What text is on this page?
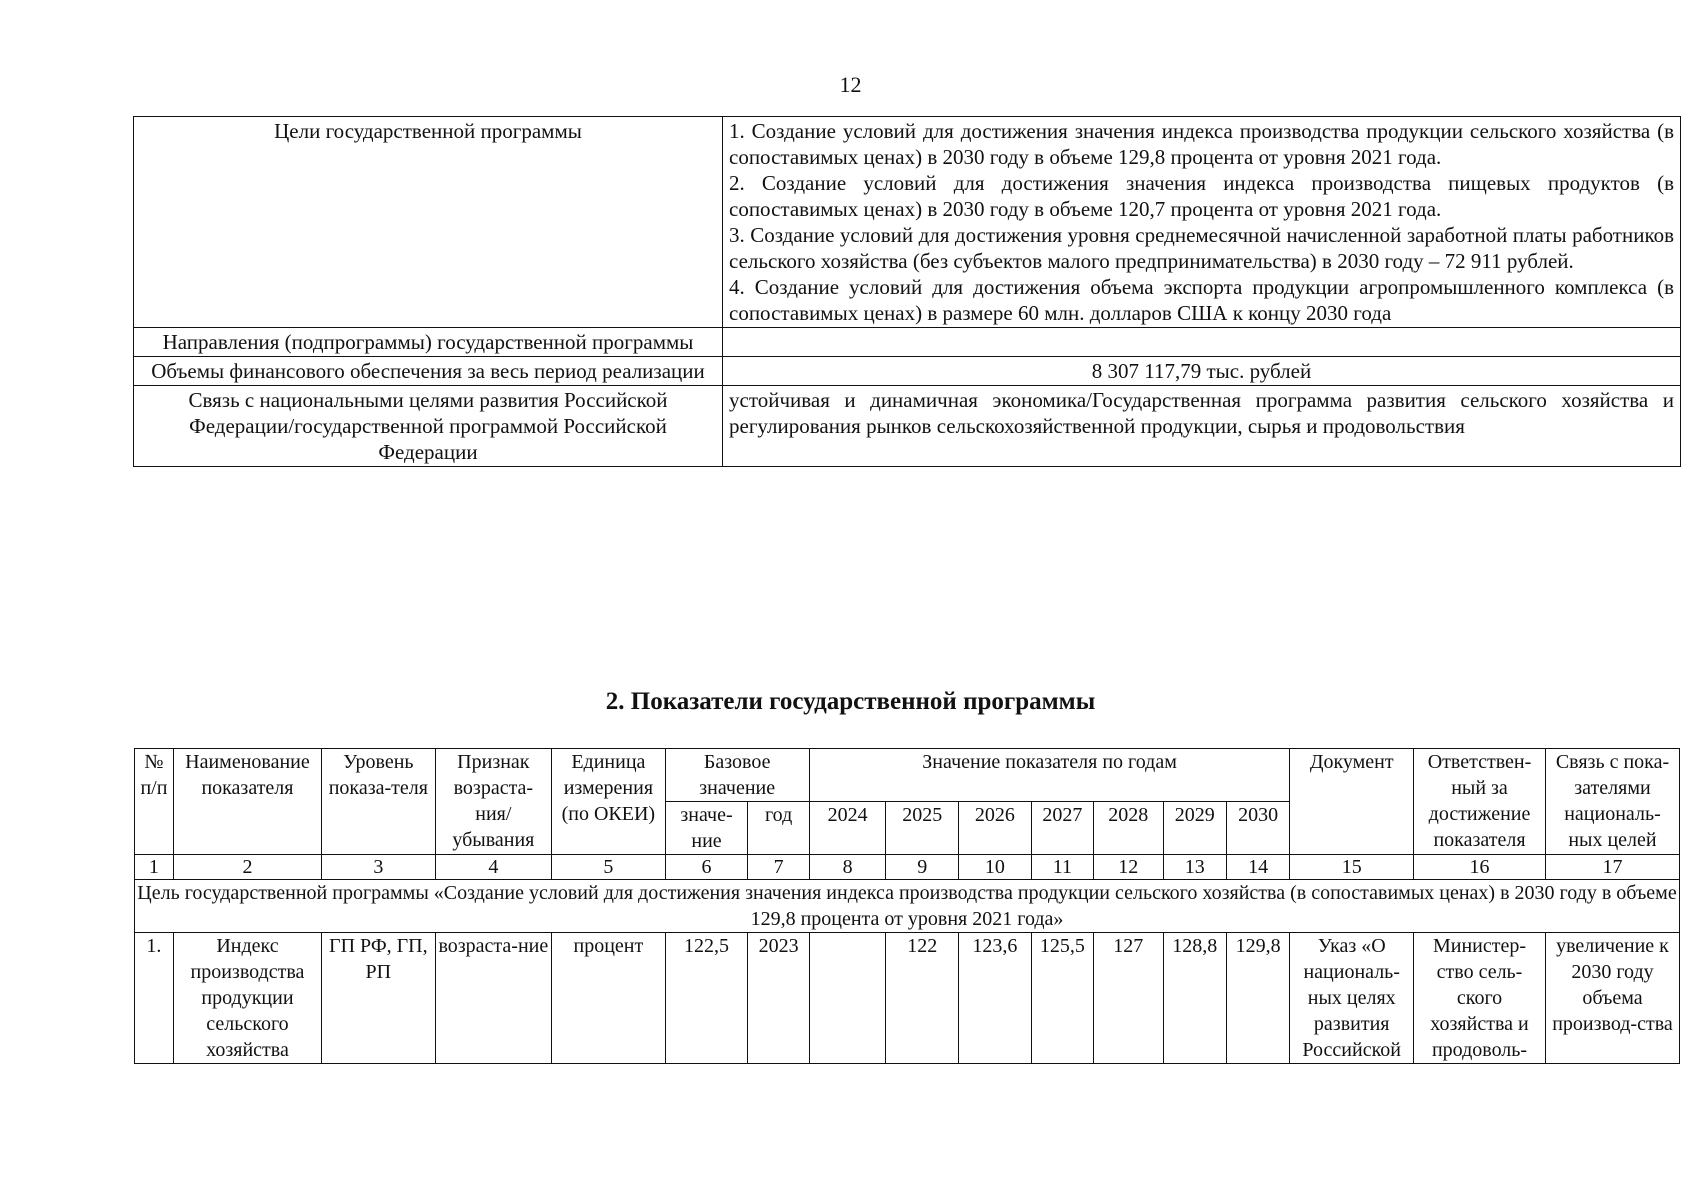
12
Цели государственной программы	1. Создание условий для достижения значения индекса производства продукции сельского хозяйства (в сопоставимых ценах) в 2030 году в объеме 129,8 процента от уровня 2021 года.
2. Создание условий для достижения значения индекса производства пищевых продуктов (в сопоставимых ценах) в 2030 году в объеме 120,7 процента от уровня 2021 года.
3. Создание условий для достижения уровня среднемесячной начисленной заработной платы работников сельского хозяйства (без субъектов малого предпринимательства) в 2030 году – 72 911 рублей.
4. Создание условий для достижения объема экспорта продукции агропромышленного комплекса (в сопоставимых ценах) в размере 60 млн. долларов США к концу 2030 года

Направления (подпрограммы) государственной программы	
Объемы финансового обеспечения за весь период реализации	8 307 117,79 тыс. рублей
Связь с национальными целями развития Российской Федерации/государственной программой Российской Федерации	устойчивая и динамичная экономика/Государственная программа развития сельского хозяйства и регулирования рынков сельскохозяйственной продукции, сырья и продовольствия
2. Показатели государственной программы
№ п/п	Наименование показателя	Уровень показа-теля	Признак возраста-ния/ убывания	Единица измерения (по ОКЕИ)	Базовое значение		Значение показателя по годам							Документ	Ответствен-ный за достижение показателя	Связь с пока-зателями националь-ных целей
					значе-ние	год	2024	2025	2026	2027	2028	2029	2030			
1	2	3	4	5	6	7	8	9	10	11	12	13	14	15	16	17
Цель государственной программы «Создание условий для достижения значения индекса производства продукции сельского хозяйства (в сопоставимых ценах) в 2030 году в объеме 129,8 процента от уровня 2021 года»																
1.	Индекс производства продукции сельского хозяйства	ГП РФ, ГП, РП	возраста-ние	процент	122,5	2023		122	123,6	125,5	127	128,8	129,8	Указ «О националь-ных целях развития Российской	Министер-ство сель-ского хозяйства и продоволь-	увеличение к 2030 году объема производ-ства
